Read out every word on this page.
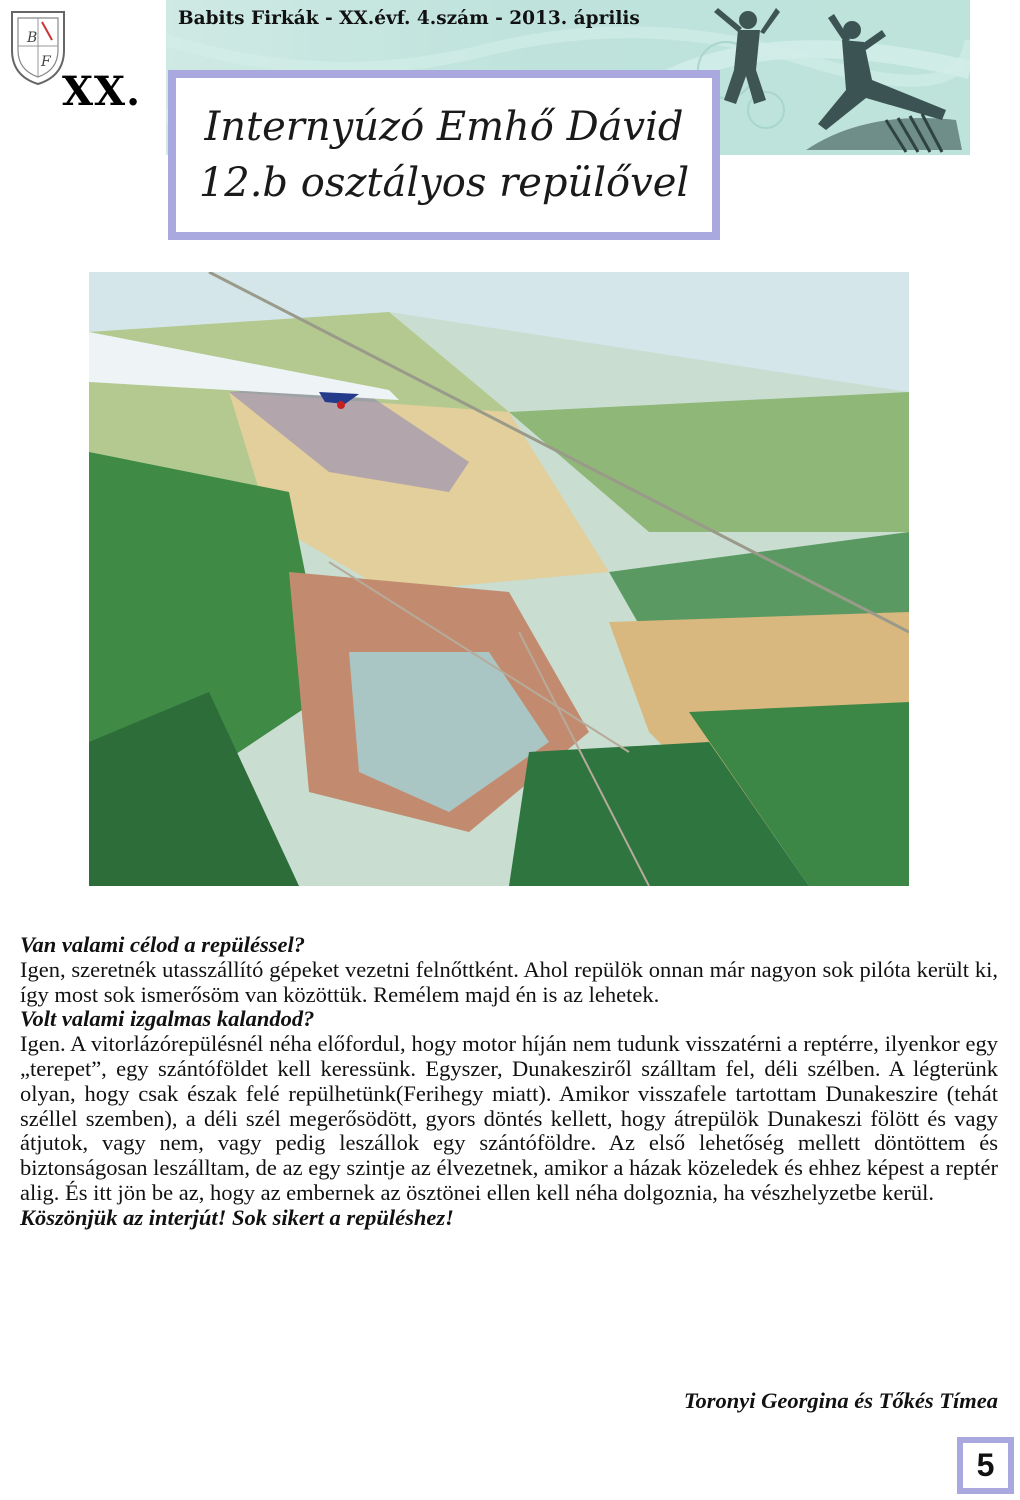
B
F
XX.
Babits Firkák - XX.évf. 4.szám - 2013. április
Internyúzó Emhő Dávid
12.b osztályos repülővel

Van valami célod a repüléssel?

Igen, szeretnék utasszállító gépeket vezetni felnőttként. Ahol repülök onnan már nagyon sok pilóta került ki, így most sok ismerősöm van közöttük. Remélem majd én is az lehetek.

Volt valami izgalmas kalandod?

Igen. A vitorlázórepülésnél néha előfordul, hogy motor híján nem tudunk visszatérni a reptérre, ilyenkor egy „terepet”, egy szántóföldet kell keressünk. Egyszer, Dunakesziről szálltam fel, déli szélben. A légterünk olyan, hogy csak észak felé repülhetünk(Ferihegy miatt). Amikor visszafele tartottam Dunakeszire (tehát széllel szemben), a déli szél megerősödött, gyors döntés kellett, hogy átrepülök Dunakeszi fölött és vagy átjutok, vagy nem, vagy pedig leszállok egy szántóföldre. Az első lehetőség mellett döntöttem és biztonságosan leszálltam, de az egy szintje az élvezetnek, amikor a házak közeledek és ehhez képest a reptér alig. És itt jön be az, hogy az embernek az ösztönei ellen kell néha dolgoznia, ha vészhelyzetbe kerül.

Köszönjük az interjút! Sok sikert a repüléshez!

Toronyi Georgina és Tőkés Tímea
5
